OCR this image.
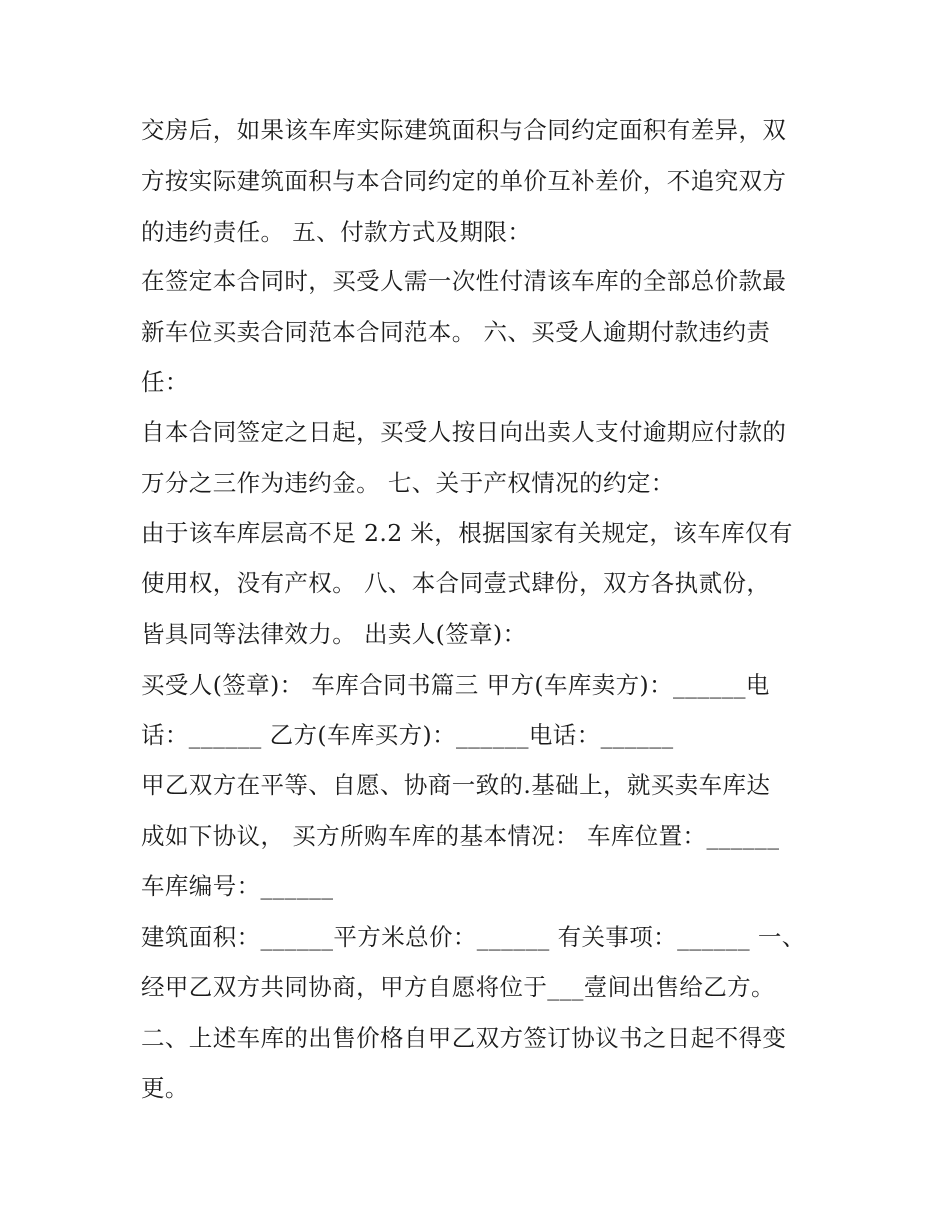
交房后，如果该车库实际建筑面积与合同约定面积有差异，双
方按实际建筑面积与本合同约定的单价互补差价，不追究双方
的违约责任。 五、付款方式及期限：
在签定本合同时，买受人需一次性付清该车库的全部总价款最
新车位买卖合同范本合同范本。 六、买受人逾期付款违约责
任：
自本合同签定之日起，买受人按日向出卖人支付逾期应付款的
万分之三作为违约金。 七、关于产权情况的约定：
由于该车库层高不足 2.2 米，根据国家有关规定，该车库仅有
使用权，没有产权。 八、本合同壹式肆份，双方各执贰份，
皆具同等法律效力。 出卖人(签章)：
买受人(签章)： 车库合同书篇三 甲方(车库卖方)：______电
话：______ 乙方(车库买方)：______电话：______
甲乙双方在平等、自愿、协商一致的.基础上，就买卖车库达
成如下协议， 买方所购车库的基本情况： 车库位置：______
车库编号：______
建筑面积：______平方米总价：______ 有关事项：______ 一、
经甲乙双方共同协商，甲方自愿将位于___壹间出售给乙方。
二、上述车库的出售价格自甲乙双方签订协议书之日起不得变
更。
